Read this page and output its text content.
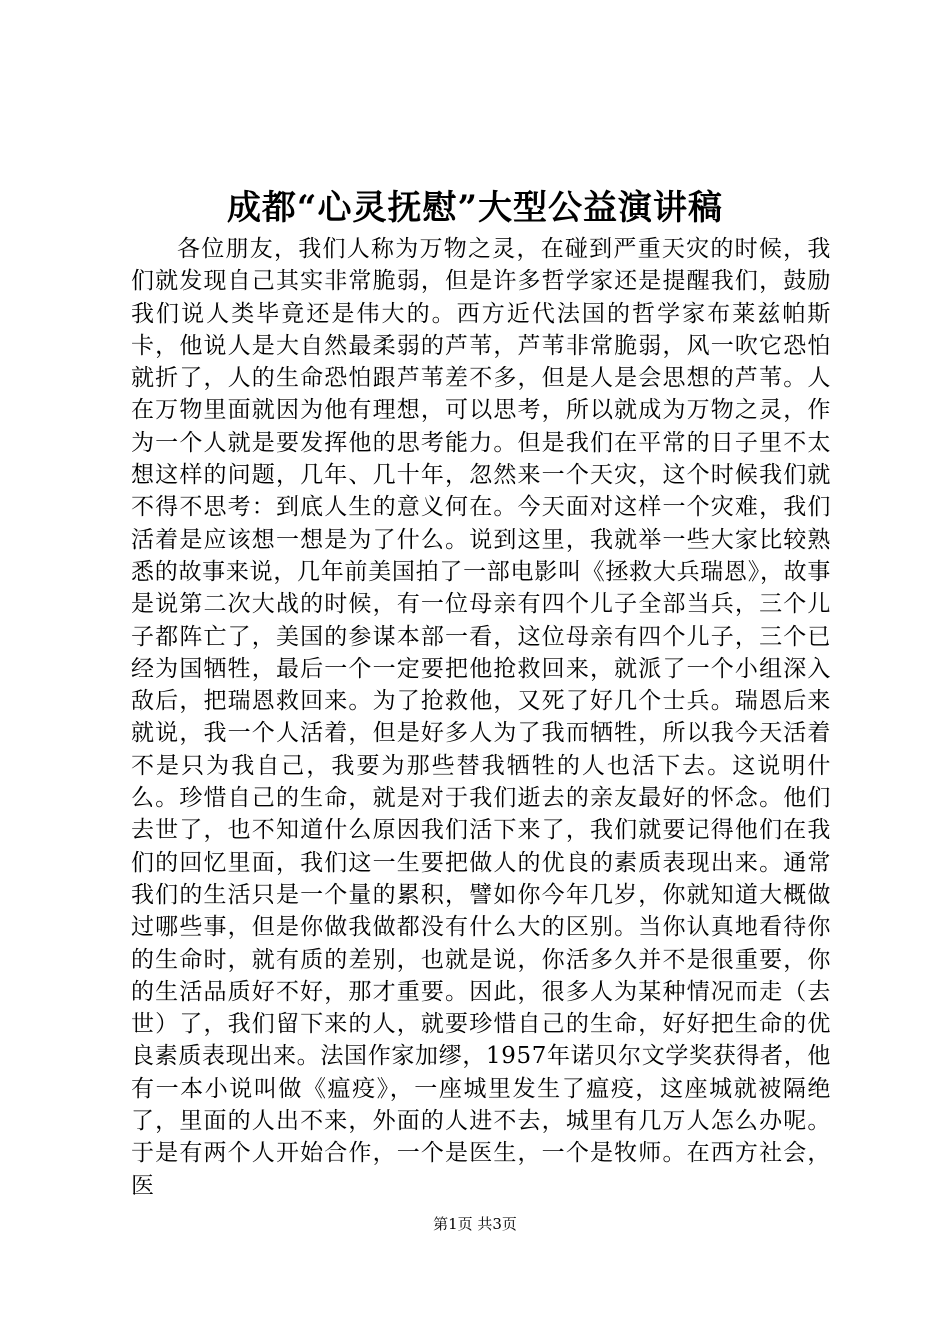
成都“心灵抚慰”大型公益演讲稿

各位朋友，我们人称为万物之灵，在碰到严重天灾的时候，我们就发现自己其实非常脆弱，但是许多哲学家还是提醒我们，鼓励我们说人类毕竟还是伟大的。西方近代法国的哲学家布莱兹帕斯卡，他说人是大自然最柔弱的芦苇，芦苇非常脆弱，风一吹它恐怕就折了，人的生命恐怕跟芦苇差不多，但是人是会思想的芦苇。人在万物里面就因为他有理想，可以思考，所以就成为万物之灵，作为一个人就是要发挥他的思考能力。但是我们在平常的日子里不太想这样的问题，几年、几十年，忽然来一个天灾，这个时候我们就不得不思考：到底人生的意义何在。今天面对这样一个灾难，我们活着是应该想一想是为了什么。说到这里，我就举一些大家比较熟悉的故事来说，几年前美国拍了一部电影叫《拯救大兵瑞恩》，故事是说第二次大战的时候，有一位母亲有四个儿子全部当兵，三个儿子都阵亡了，美国的参谋本部一看，这位母亲有四个儿子，三个已经为国牺牲，最后一个一定要把他抢救回来，就派了一个小组深入敌后，把瑞恩救回来。为了抢救他，又死了好几个士兵。瑞恩后来就说，我一个人活着，但是好多人为了我而牺牲，所以我今天活着不是只为我自己，我要为那些替我牺牲的人也活下去。这说明什么。珍惜自己的生命，就是对于我们逝去的亲友最好的怀念。他们去世了，也不知道什么原因我们活下来了，我们就要记得他们在我们的回忆里面，我们这一生要把做人的优良的素质表现出来。通常我们的生活只是一个量的累积，譬如你今年几岁，你就知道大概做过哪些事，但是你做我做都没有什么大的区别。当你认真地看待你的生命时，就有质的差别，也就是说，你活多久并不是很重要，你的生活品质好不好，那才重要。因此，很多人为某种情况而走（去世）了，我们留下来的人，就要珍惜自己的生命，好好把生命的优良素质表现出来。法国作家加缪，1957年诺贝尔文学奖获得者，他有一本小说叫做《瘟疫》，一座城里发生了瘟疫，这座城就被隔绝了，里面的人出不来，外面的人进不去，城里有几万人怎么办呢。于是有两个人开始合作，一个是医生，一个是牧师。在西方社会，医

第1页 共3页
